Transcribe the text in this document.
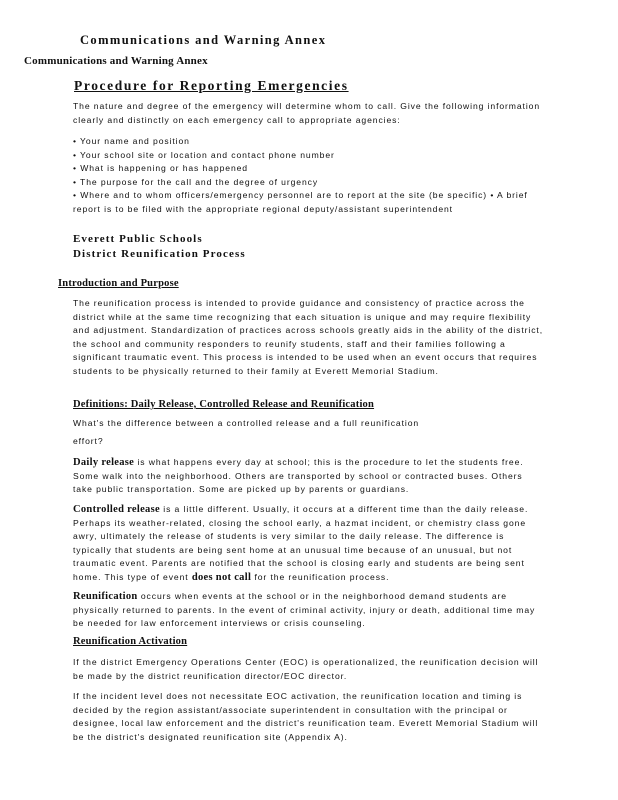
Communications and Warning Annex
Communications and Warning Annex
Procedure for Reporting Emergencies
The nature and degree of the emergency will determine whom to call. Give the following information clearly and distinctly on each emergency call to appropriate agencies:
• Your name and position
• Your school site or location and contact phone number
• What is happening or has happened
• The purpose for the call and the degree of urgency
• Where and to whom officers/emergency personnel are to report at the site (be specific) • A brief report is to be filed with the appropriate regional deputy/assistant superintendent
Everett Public Schools
District Reunification Process
Introduction and Purpose
The reunification process is intended to provide guidance and consistency of practice across the district while at the same time recognizing that each situation is unique and may require flexibility and adjustment. Standardization of practices across schools greatly aids in the ability of the district, the school and community responders to reunify students, staff and their families following a significant traumatic event. This process is intended to be used when an event occurs that requires students to be physically returned to their family at Everett Memorial Stadium.
Definitions: Daily Release, Controlled Release and Reunification
What's the difference between a controlled release and a full reunification
effort?
Daily release is what happens every day at school; this is the procedure to let the students free. Some walk into the neighborhood. Others are transported by school or contracted buses. Others take public transportation. Some are picked up by parents or guardians.
Controlled release is a little different. Usually, it occurs at a different time than the daily release. Perhaps its weather-related, closing the school early, a hazmat incident, or chemistry class gone awry, ultimately the release of students is very similar to the daily release. The difference is typically that students are being sent home at an unusual time because of an unusual, but not traumatic event. Parents are notified that the school is closing early and students are being sent home. This type of event does not call for the reunification process.
Reunification occurs when events at the school or in the neighborhood demand students are physically returned to parents. In the event of criminal activity, injury or death, additional time may be needed for law enforcement interviews or crisis counseling.
Reunification Activation
If the district Emergency Operations Center (EOC) is operationalized, the reunification decision will be made by the district reunification director/EOC director.
If the incident level does not necessitate EOC activation, the reunification location and timing is decided by the region assistant/associate superintendent in consultation with the principal or designee, local law enforcement and the district's reunification team. Everett Memorial Stadium will be the district's designated reunification site (Appendix A).
